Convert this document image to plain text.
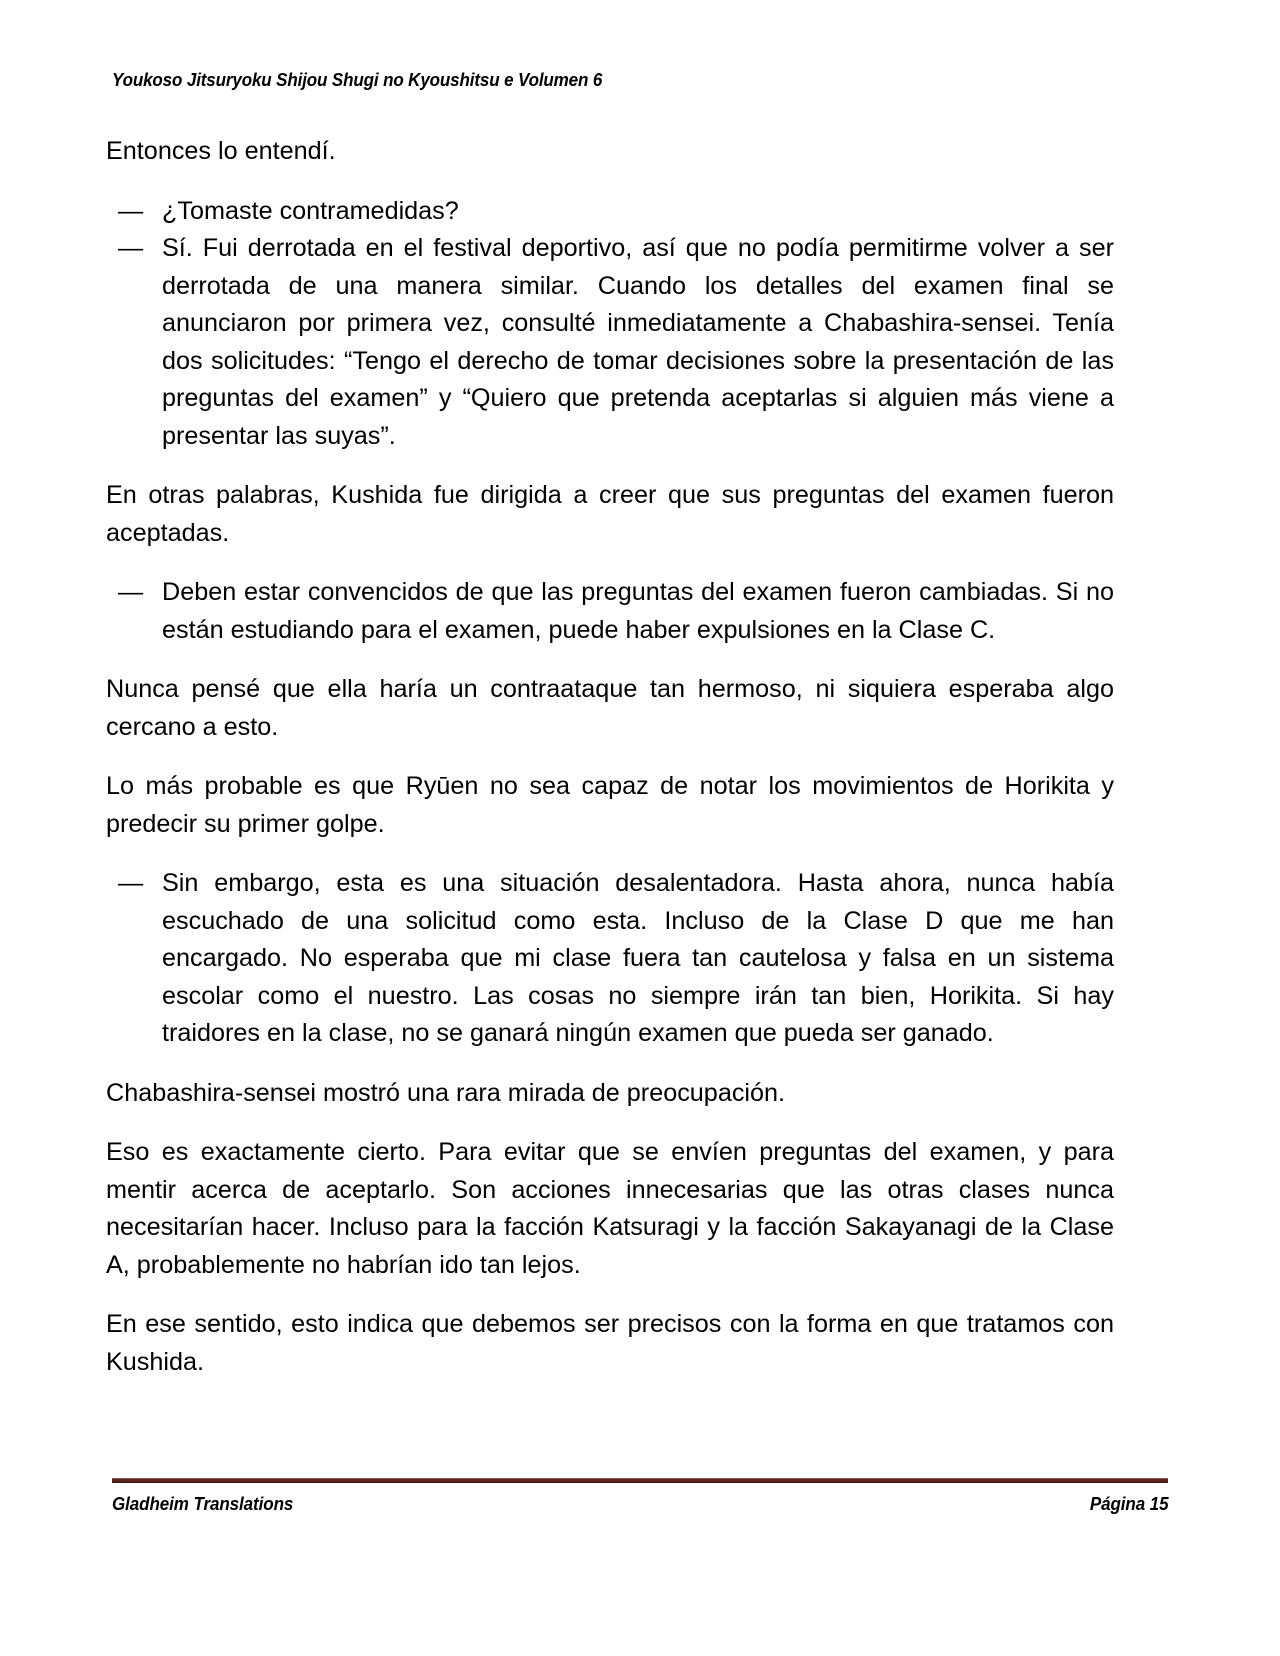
Youkoso Jitsuryoku Shijou Shugi no Kyoushitsu e Volumen 6

Entonces lo entendí.

— ¿Tomaste contramedidas?

— Sí. Fui derrotada en el festival deportivo, así que no podía permitirme volver a ser derrotada de una manera similar. Cuando los detalles del examen final se anunciaron por primera vez, consulté inmediatamente a Chabashira-sensei. Tenía dos solicitudes: “Tengo el derecho de tomar decisiones sobre la presentación de las preguntas del examen” y “Quiero que pretenda aceptarlas si alguien más viene a presentar las suyas”.

En otras palabras, Kushida fue dirigida a creer que sus preguntas del examen fueron aceptadas.

— Deben estar convencidos de que las preguntas del examen fueron cambiadas. Si no están estudiando para el examen, puede haber expulsiones en la Clase C.

Nunca pensé que ella haría un contraataque tan hermoso, ni siquiera esperaba algo cercano a esto.

Lo más probable es que Ryūen no sea capaz de notar los movimientos de Horikita y predecir su primer golpe.

— Sin embargo, esta es una situación desalentadora. Hasta ahora, nunca había escuchado de una solicitud como esta. Incluso de la Clase D que me han encargado. No esperaba que mi clase fuera tan cautelosa y falsa en un sistema escolar como el nuestro. Las cosas no siempre irán tan bien, Horikita. Si hay traidores en la clase, no se ganará ningún examen que pueda ser ganado.

Chabashira-sensei mostró una rara mirada de preocupación.

Eso es exactamente cierto. Para evitar que se envíen preguntas del examen, y para mentir acerca de aceptarlo. Son acciones innecesarias que las otras clases nunca necesitarían hacer. Incluso para la facción Katsuragi y la facción Sakayanagi de la Clase A, probablemente no habrían ido tan lejos.

En ese sentido, esto indica que debemos ser precisos con la forma en que tratamos con Kushida.

Gladheim Translations	Página 15
